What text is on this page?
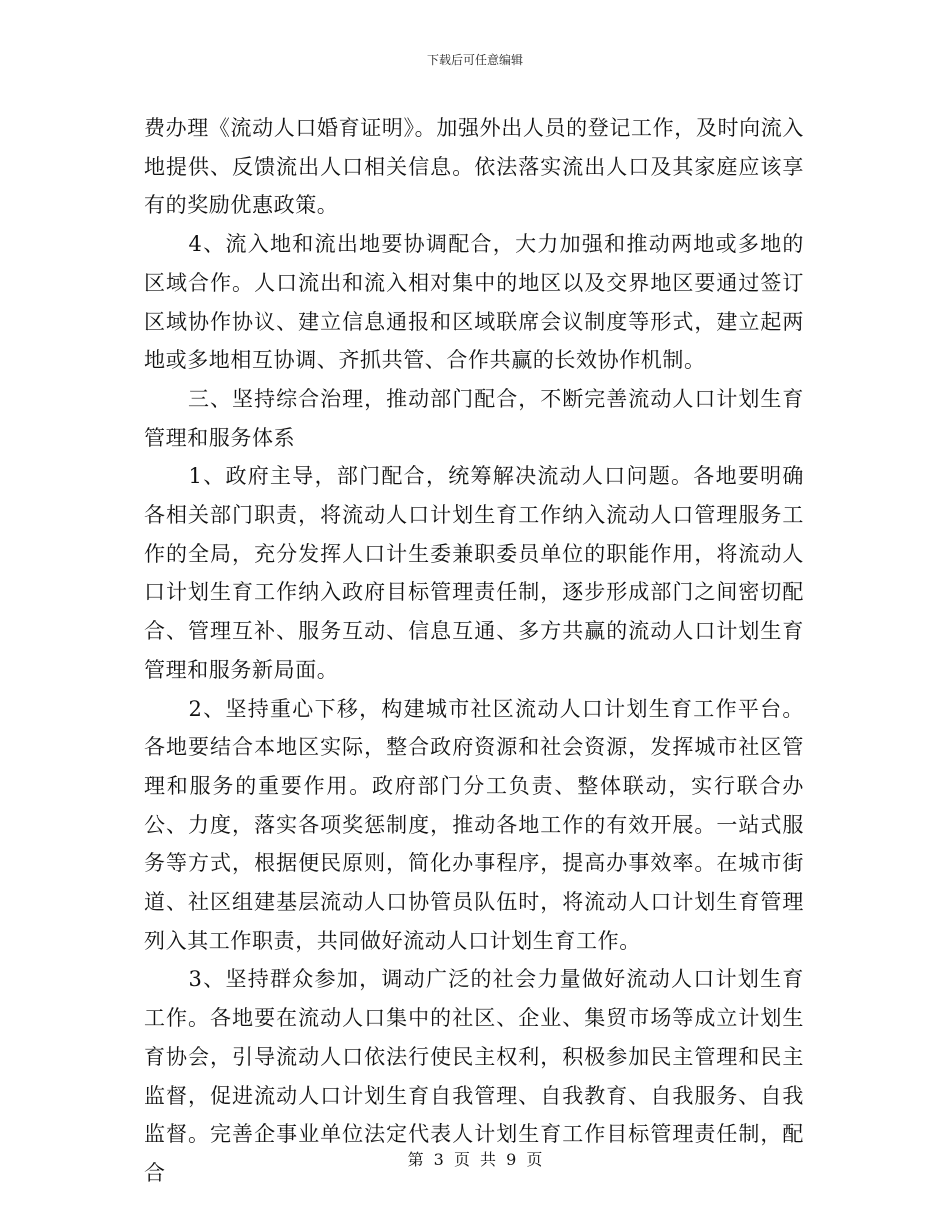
下载后可任意编辑

费办理《流动人口婚育证明》。加强外出人员的登记工作，及时向流入地提供、反馈流出人口相关信息。依法落实流出人口及其家庭应该享有的奖励优惠政策。

　　4、流入地和流出地要协调配合，大力加强和推动两地或多地的区域合作。人口流出和流入相对集中的地区以及交界地区要通过签订区域协作协议、建立信息通报和区域联席会议制度等形式，建立起两地或多地相互协调、齐抓共管、合作共赢的长效协作机制。

　　三、坚持综合治理，推动部门配合，不断完善流动人口计划生育管理和服务体系

　　1、政府主导，部门配合，统筹解决流动人口问题。各地要明确各相关部门职责，将流动人口计划生育工作纳入流动人口管理服务工作的全局，充分发挥人口计生委兼职委员单位的职能作用，将流动人口计划生育工作纳入政府目标管理责任制，逐步形成部门之间密切配合、管理互补、服务互动、信息互通、多方共赢的流动人口计划生育管理和服务新局面。

　　2、坚持重心下移，构建城市社区流动人口计划生育工作平台。各地要结合本地区实际，整合政府资源和社会资源，发挥城市社区管理和服务的重要作用。政府部门分工负责、整体联动，实行联合办公、力度，落实各项奖惩制度，推动各地工作的有效开展。一站式服务等方式，根据便民原则，简化办事程序，提高办事效率。在城市街道、社区组建基层流动人口协管员队伍时，将流动人口计划生育管理列入其工作职责，共同做好流动人口计划生育工作。

　　3、坚持群众参加，调动广泛的社会力量做好流动人口计划生育工作。各地要在流动人口集中的社区、企业、集贸市场等成立计划生育协会，引导流动人口依法行使民主权利，积极参加民主管理和民主监督，促进流动人口计划生育自我管理、自我教育、自我服务、自我监督。完善企事业单位法定代表人计划生育工作目标管理责任制，配合

第 3 页 共 9 页
